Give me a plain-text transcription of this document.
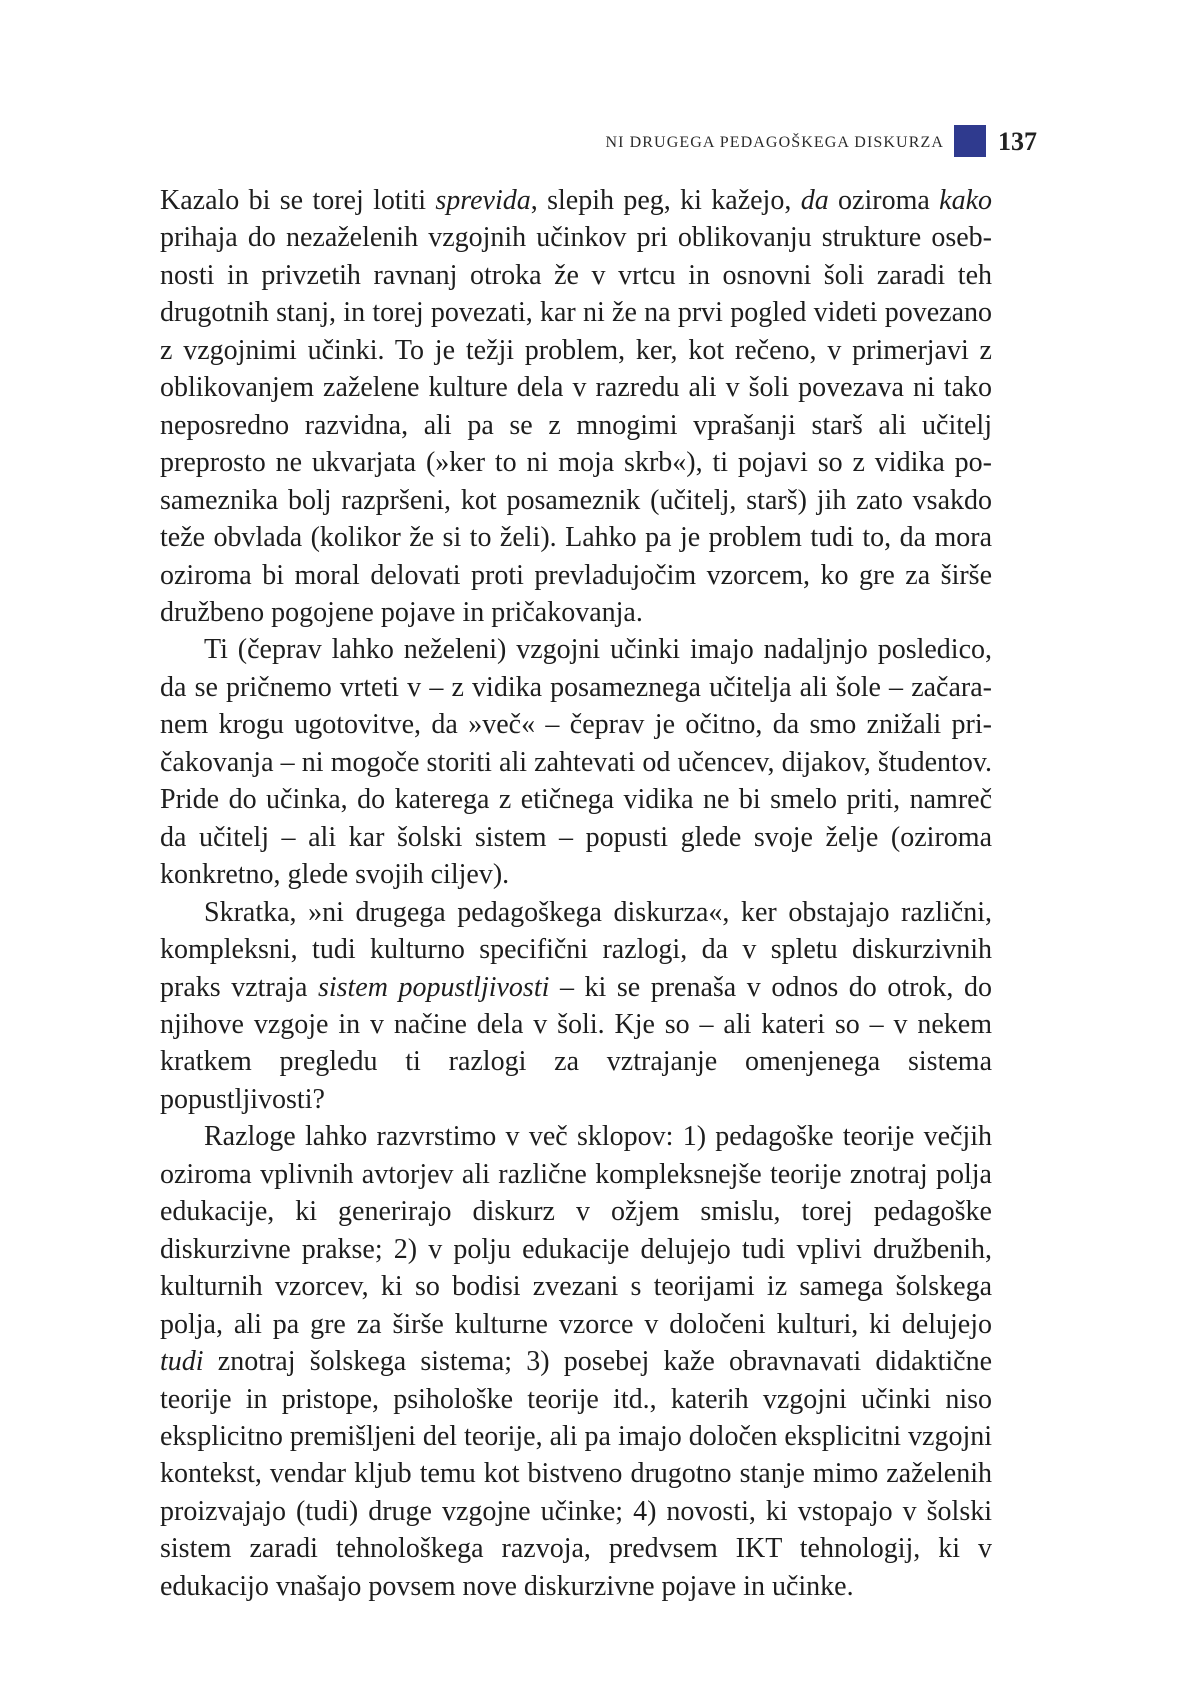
NI DRUGEGA PEDAGOŠKEGA DISKURZA 137

Kazalo bi se torej lotiti sprevida, slepih peg, ki kažejo, da oziroma kako prihaja do nezaželenih vzgojnih učinkov pri oblikovanju strukture osebnosti in privzetih ravnanj otroka že v vrtcu in osnovni šoli zaradi teh drugotnih stanj, in torej povezati, kar ni že na prvi pogled videti povezano z vzgojnimi učinki. To je težji problem, ker, kot rečeno, v primerjavi z oblikovanjem zaželene kulture dela v razredu ali v šoli povezava ni tako neposredno razvidna, ali pa se z mnogimi vprašanji starš ali učitelj preprosto ne ukvarjata (»ker to ni moja skrb«), ti pojavi so z vidika posameznika bolj razpršeni, kot posameznik (učitelj, starš) jih zato vsakdo teže obvlada (kolikor že si to želi). Lahko pa je problem tudi to, da mora oziroma bi moral delovati proti prevladujočim vzorcem, ko gre za širše družbeno pogojene pojave in pričakovanja.

Ti (čeprav lahko neželeni) vzgojni učinki imajo nadaljnjo posledico, da se pričnemo vrteti v – z vidika posameznega učitelja ali šole – začaranem krogu ugotovitve, da »več« – čeprav je očitno, da smo znižali pričakovanja – ni mogoče storiti ali zahtevati od učencev, dijakov, študentov. Pride do učinka, do katerega z etičnega vidika ne bi smelo priti, namreč da učitelj – ali kar šolski sistem – popusti glede svoje želje (oziroma konkretno, glede svojih ciljev).

Skratka, »ni drugega pedagoškega diskurza«, ker obstajajo različni, kompleksni, tudi kulturno specifični razlogi, da v spletu diskurzivnih praks vztraja sistem popustljivosti – ki se prenaša v odnos do otrok, do njihove vzgoje in v načine dela v šoli. Kje so – ali kateri so – v nekem kratkem pregledu ti razlogi za vztrajanje omenjenega sistema popustljivosti?

Razloge lahko razvrstimo v več sklopov: 1) pedagoške teorije večjih oziroma vplivnih avtorjev ali različne kompleksnejše teorije znotraj polja edukacije, ki generirajo diskurz v ožjem smislu, torej pedagoške diskurzivne prakse; 2) v polju edukacije delujejo tudi vplivi družbenih, kulturnih vzorcev, ki so bodisi zvezani s teorijami iz samega šolskega polja, ali pa gre za širše kulturne vzorce v določeni kulturi, ki delujejo tudi znotraj šolskega sistema; 3) posebej kaže obravnavati didaktične teorije in pristope, psihološke teorije itd., katerih vzgojni učinki niso eksplicitno premišljeni del teorije, ali pa imajo določen eksplicitni vzgojni kontekst, vendar kljub temu kot bistveno drugotno stanje mimo zaželenih proizvajajo (tudi) druge vzgojne učinke; 4) novosti, ki vstopajo v šolski sistem zaradi tehnološkega razvoja, predvsem IKT tehnologij, ki v edukacijo vnašajo povsem nove diskurzivne pojave in učinke.
